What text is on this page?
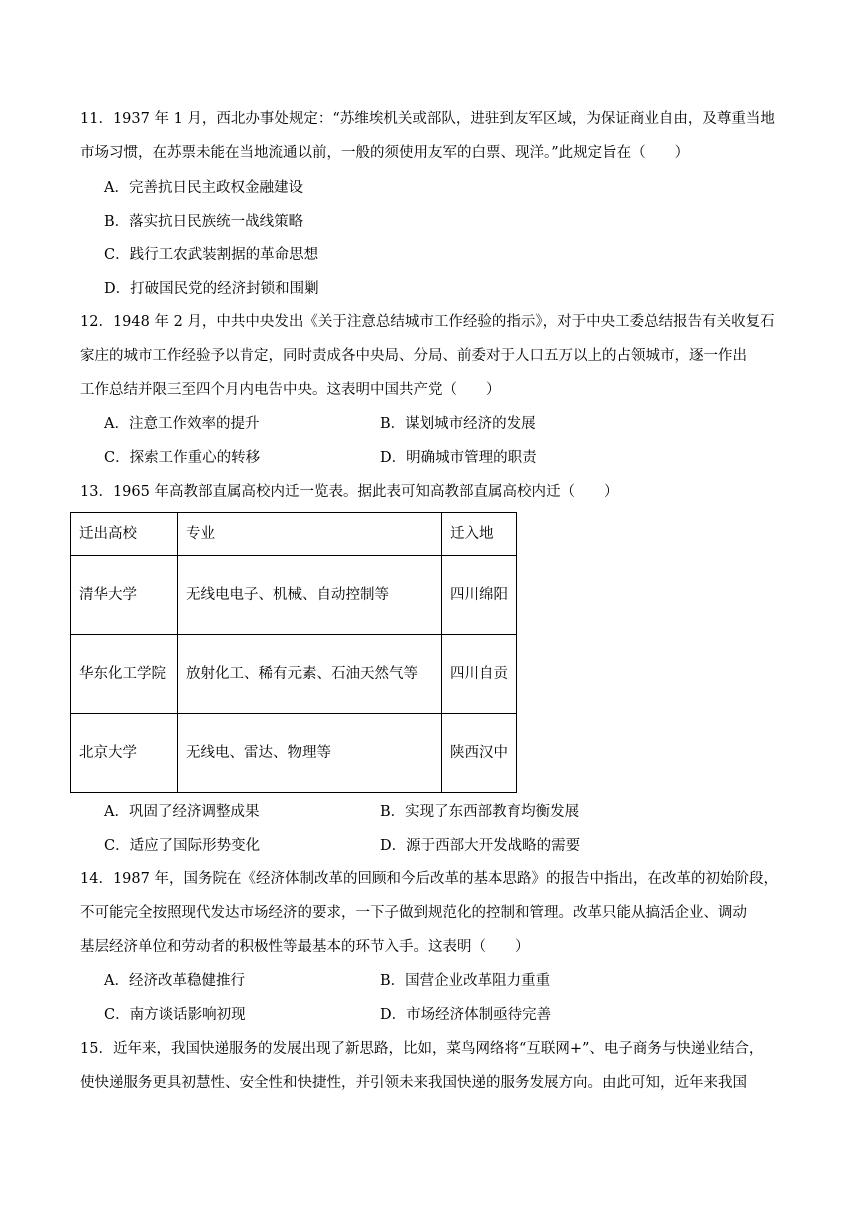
11．1937 年 1 月，西北办事处规定：“苏维埃机关或部队，进驻到友军区域，为保证商业自由，及尊重当地
市场习惯，在苏票未能在当地流通以前，一般的须使用友军的白票、现洋。”此规定旨在（　　）
A．完善抗日民主政权金融建设
B．落实抗日民族统一战线策略
C．践行工农武装割据的革命思想
D．打破国民党的经济封锁和围剿
12．1948 年 2 月，中共中央发出《关于注意总结城市工作经验的指示》，对于中央工委总结报告有关收复石
家庄的城市工作经验予以肯定，同时责成各中央局、分局、前委对于人口五万以上的占领城市，逐一作出
工作总结并限三至四个月内电告中央。这表明中国共产党（　　）
A．注意工作效率的提升	B．谋划城市经济的发展
C．探索工作重心的转移	D．明确城市管理的职责
13．1965 年高教部直属高校内迁一览表。据此表可知高教部直属高校内迁（　　）
迁出高校	专业	迁入地
清华大学	无线电电子、机械、自动控制等	四川绵阳
华东化工学院	放射化工、稀有元素、石油天然气等	四川自贡
北京大学	无线电、雷达、物理等	陕西汉中
A．巩固了经济调整成果	B．实现了东西部教育均衡发展
C．适应了国际形势变化	D．源于西部大开发战略的需要
14．1987 年，国务院在《经济体制改革的回顾和今后改革的基本思路》的报告中指出，在改革的初始阶段，
不可能完全按照现代发达市场经济的要求，一下子做到规范化的控制和管理。改革只能从搞活企业、调动
基层经济单位和劳动者的积极性等最基本的环节入手。这表明（　　）
A．经济改革稳健推行	B．国营企业改革阻力重重
C．南方谈话影响初现	D．市场经济体制亟待完善
15．近年来，我国快递服务的发展出现了新思路，比如，菜鸟网络将“互联网+”、电子商务与快递业结合，
使快递服务更具初慧性、安全性和快捷性，并引领未来我国快递的服务发展方向。由此可知，近年来我国
